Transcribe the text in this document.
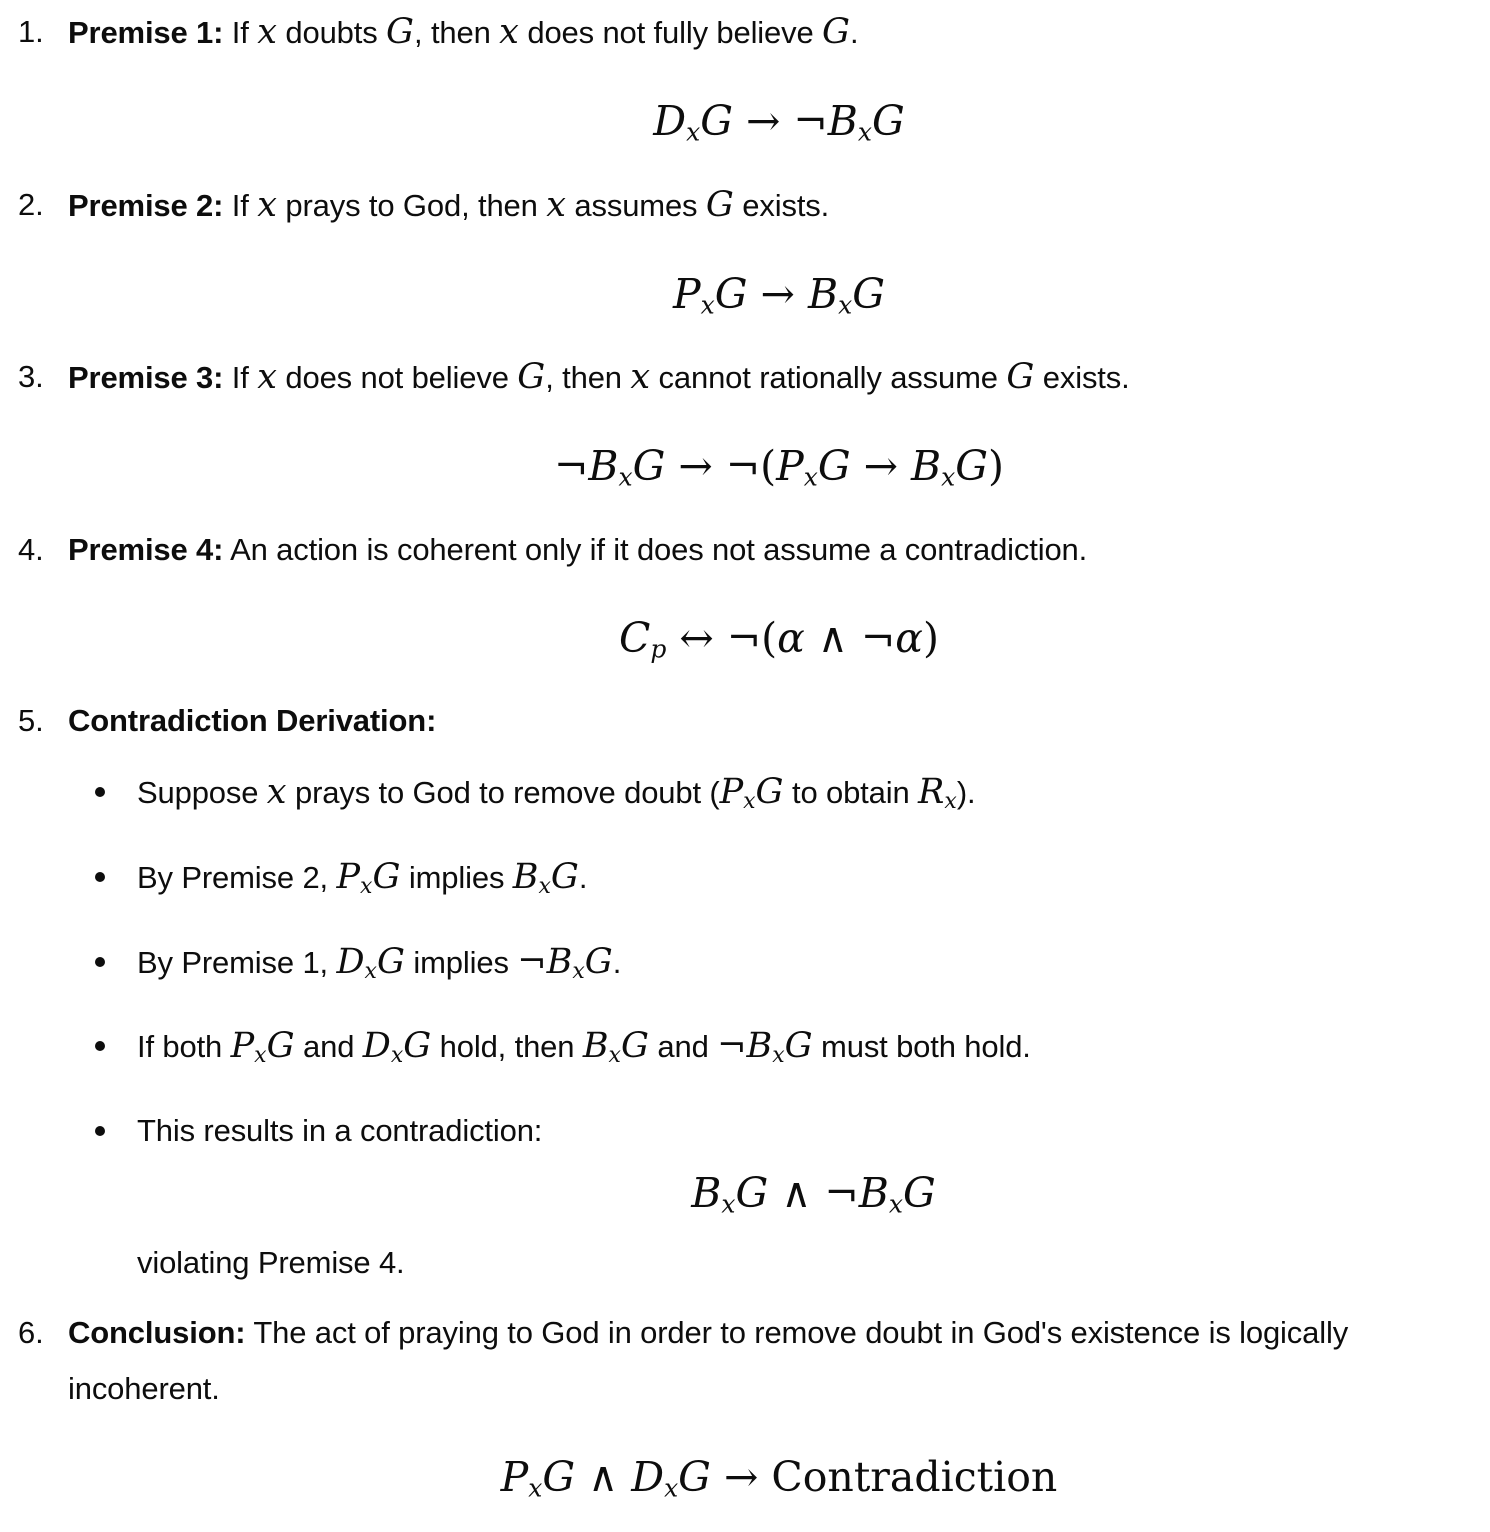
1. Premise 1: If x doubts G, then x does not fully believe G.

DxG → ¬BxG
2. Premise 2: If x prays to God, then x assumes G exists.

PxG → BxG
3. Premise 3: If x does not believe G, then x cannot rationally assume G exists.

¬BxG → ¬(PxG → BxG)
4. Premise 4: An action is coherent only if it does not assume a contradiction.

Cp ↔ ¬(α ∧ ¬α)
5. Contradiction Derivation:

Suppose x prays to God to remove doubt (PxG to obtain Rx).

By Premise 2, PxG implies BxG.

By Premise 1, DxG implies ¬BxG.

If both PxG and DxG hold, then BxG and ¬BxG must both hold.

This results in a contradiction:

BxG ∧ ¬BxG

violating Premise 4.

6. Conclusion: The act of praying to God in order to remove doubt in God's existence is logically incoherent.

PxG ∧ DxG → Contradiction
